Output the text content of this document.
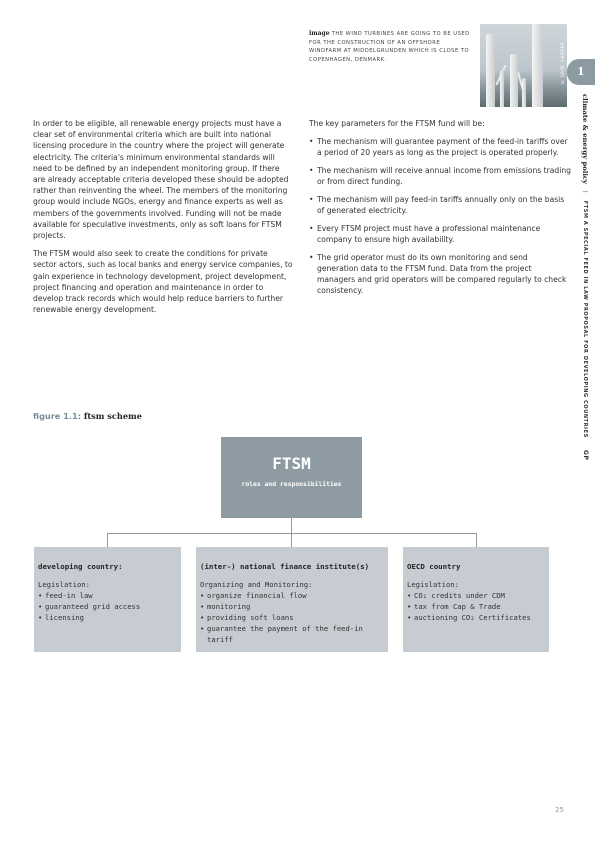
image THE WIND TURBINES ARE GOING TO BE USED FOR THE CONSTRUCTION OF AN OFFSHORE WINDFARM AT MIDDELGRUNDEN WHICH IS CLOSE TO COPENHAGEN, DENMARK.	© GP/M. LANGER	1
climate & energy policy | FTSM A SPECIAL FEED IN LAW PROPOSAL FOR DEVELOPING COUNTRIES GP

In order to be eligible, all renewable energy projects must have a clear set of environmental criteria which are built into national licensing procedure in the country where the project will generate electricity. The criteria's minimum environmental standards will need to be defined by an independent monitoring group. If there are already acceptable criteria developed these should be adopted rather than reinventing the wheel. The members of the monitoring group would include NGOs, energy and finance experts as well as members of the governments involved. Funding will not be made available for speculative investments, only as soft loans for FTSM projects.

The FTSM would also seek to create the conditions for private sector actors, such as local banks and energy service companies, to gain experience in technology development, project development, project financing and operation and maintenance in order to develop track records which would help reduce barriers to further renewable energy development.

The key parameters for the FTSM fund will be:

• The mechanism will guarantee payment of the feed-in tariffs over a period of 20 years as long as the project is operated properly.
• The mechanism will receive annual income from emissions trading or from direct funding.
• The mechanism will pay feed-in tariffs annually only on the basis of generated electricity.
• Every FTSM project must have a professional maintenance company to ensure high availability.
• The grid operator must do its own monitoring and send generation data to the FTSM fund. Data from the project managers and grid operators will be compared regularly to check consistency.
figure 1.1: ftsm scheme
FTSM
roles and responsibilities
developing country:
Legislation:
• feed-in law
• guaranteed grid access
• licensing
(inter-) national finance institute(s)
Organizing and Monitoring:
• organize financial flow
• monitoring
• providing soft loans
• guarantee the payment of the feed-in tariff
OECD country
Legislation:
• CO₂ credits under CDM
• tax from Cap & Trade
• auctioning CO₂ Certificates
25
